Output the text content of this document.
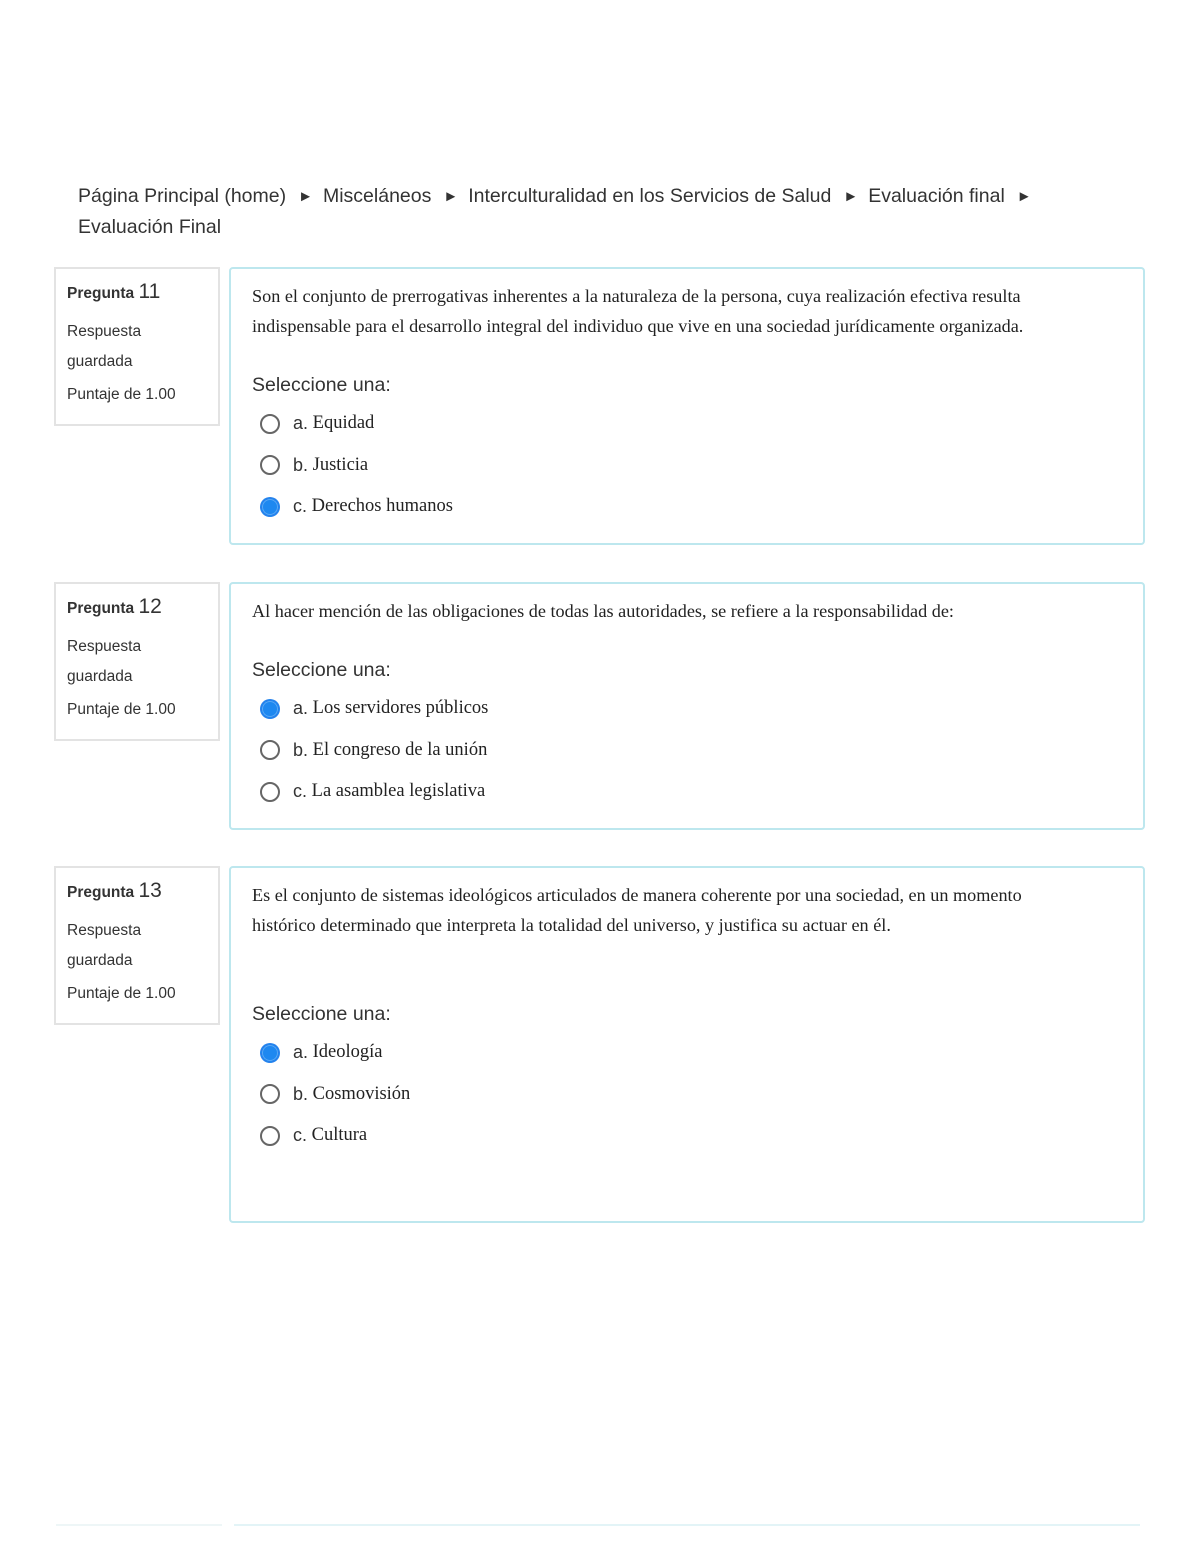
Página Principal (home) ► Misceláneos ► Interculturalidad en los Servicios de Salud ► Evaluación final ►
Evaluación Final
Pregunta 11
Respuesta guardada
Puntaje de 1.00

Son el conjunto de prerrogativas inherentes a la naturaleza de la persona, cuya realización efectiva resulta indispensable para el desarrollo integral del individuo que vive en una sociedad jurídicamente organizada.

Seleccione una:
a.
Equidad
b.
Justicia
c.
Derechos humanos
Pregunta 12
Respuesta guardada
Puntaje de 1.00

Al hacer mención de las obligaciones de todas las autoridades, se refiere a la responsabilidad de:

Seleccione una:
a.
Los servidores públicos
b.
El congreso de la unión
c.
La asamblea legislativa
Pregunta 13
Respuesta guardada
Puntaje de 1.00

Es el conjunto de sistemas ideológicos articulados de manera coherente por una sociedad, en un momento histórico determinado que interpreta la totalidad del universo, y justifica su actuar en él.

Seleccione una:
a.
Ideología
b.
Cosmovisión
c.
Cultura
